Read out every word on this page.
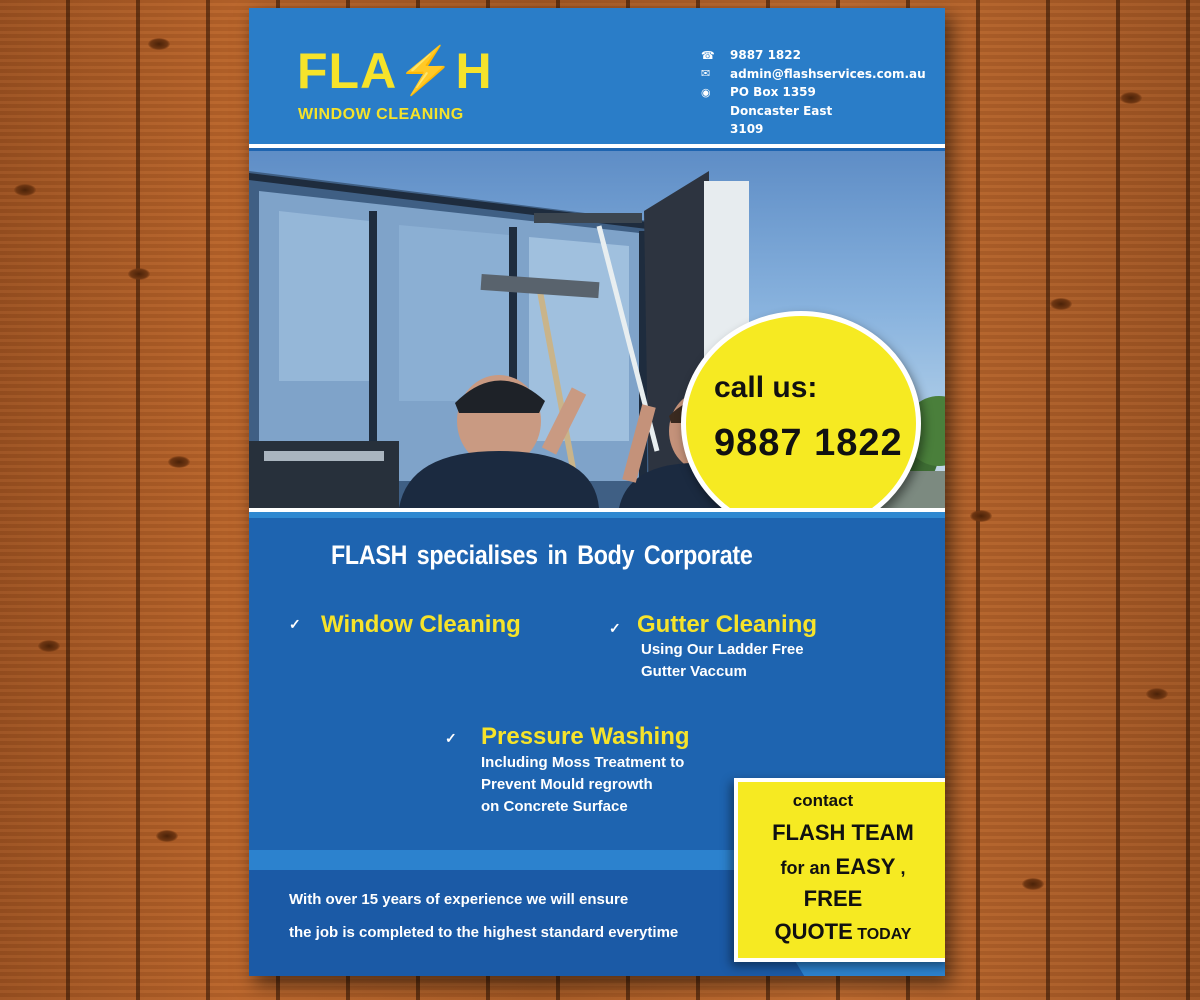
FLA⚡H
WINDOW CLEANING
☎	9887 1822
✉	admin@flashservices.com.au
◉	PO Box 1359
Doncaster East
3109
call us:
9887 1822
FLASH specialises in Body Corporate
✓ Window Cleaning	✓ Gutter Cleaning
Using Our Ladder Free
Gutter Vaccum
✓ Pressure Washing
Including Moss Treatment to
Prevent Mould regrowth
on Concrete Surface
With over 15 years of experience we will ensure
the job is completed to the highest standard everytime
contact
FLASH TEAM
for an EASY ,
FREE
QUOTE TODAY
